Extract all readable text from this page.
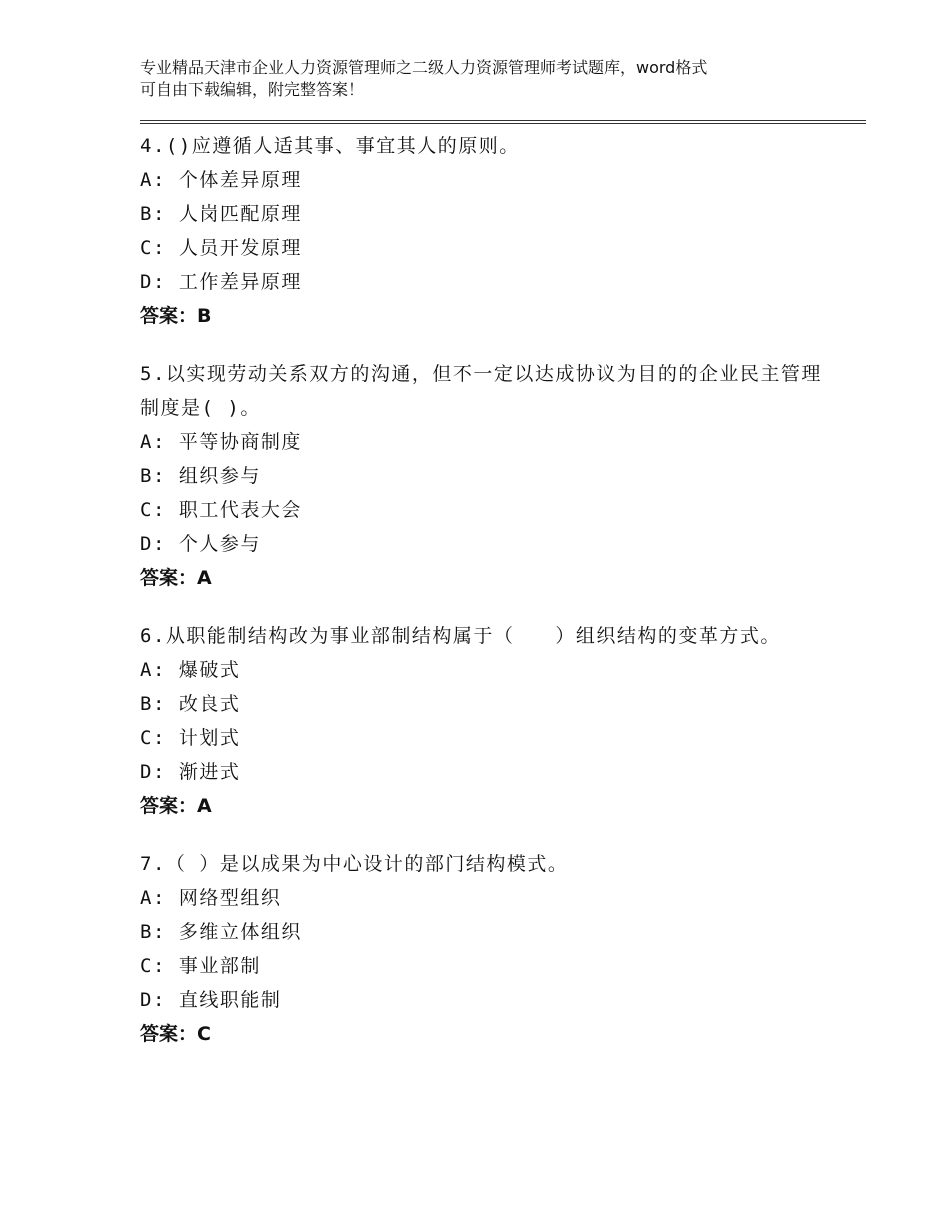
专业精品天津市企业人力资源管理师之二级人力资源管理师考试题库，word格式
可自由下载编辑，附完整答案！
4.()应遵循人适其事、事宜其人的原则。
A: 个体差异原理
B: 人岗匹配原理
C: 人员开发原理
D: 工作差异原理
答案：B
5.以实现劳动关系双方的沟通，但不一定以达成协议为目的的企业民主管理制度是( )。
A: 平等协商制度
B: 组织参与
C: 职工代表大会
D: 个人参与
答案：A
6.从职能制结构改为事业部制结构属于（　　）组织结构的变革方式。
A: 爆破式
B: 改良式
C: 计划式
D: 渐进式
答案：A
7.（ ）是以成果为中心设计的部门结构模式。
A: 网络型组织
B: 多维立体组织
C: 事业部制
D: 直线职能制
答案：C
